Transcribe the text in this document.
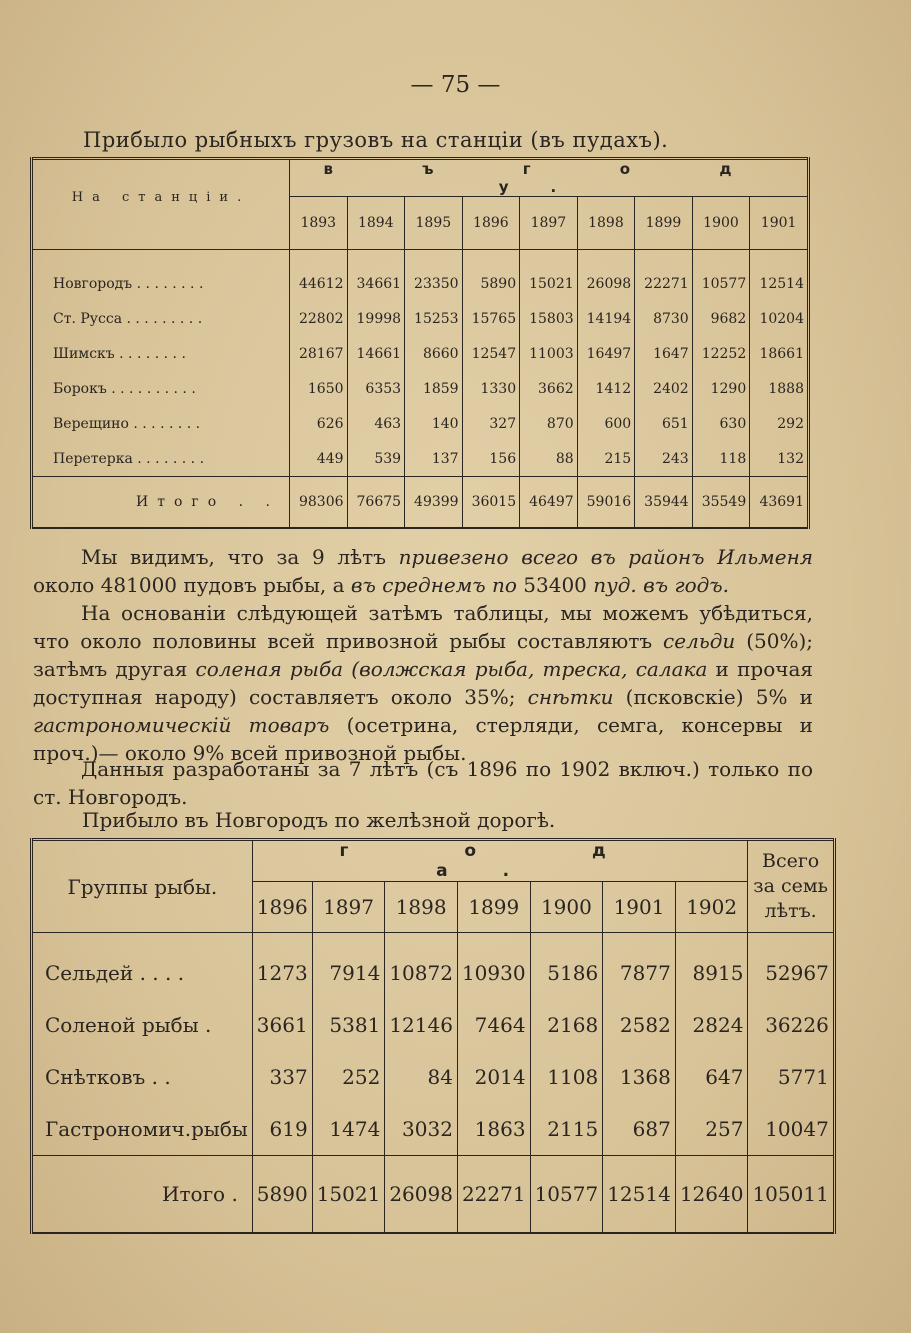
— 75 —
Прибыло рыбныхъ грузовъ на станціи (въ пудахъ).
На станціи.	в ъ г о д у.								
	1893	1894	1895	1896	1897	1898	1899	1900	1901

Новгородъ . . . . . . . .	44612	34661	23350	5890	15021	26098	22271	10577	12514
Ст. Русса . . . . . . . . .	22802	19998	15253	15765	15803	14194	8730	9682	10204
Шимскъ . . . . . . . .	28167	14661	8660	12547	11003	16497	1647	12252	18661
Борокъ . . . . . . . . . .	1650	6353	1859	1330	3662	1412	2402	1290	1888
Верещино . . . . . . . .	626	463	140	327	870	600	651	630	292
Перетерка . . . . . . . .	449	539	137	156	88	215	243	118	132
Итого . .	98306	76675	49399	36015	46497	59016	35944	35549	43691
Мы видимъ, что за 9 лѣтъ привезено всего въ районъ Ильменя около 481000 пудовъ рыбы, а въ среднемъ по 53400 пуд. въ годъ.
На основаніи слѣдующей затѣмъ таблицы, мы можемъ убѣдиться, что около половины всей привозной рыбы составляютъ сельди (50%); затѣмъ другая соленая рыба (волжская рыба, треска, салака и прочая доступная народу) составляетъ около 35%; снѣтки (псковскіе) 5% и гастрономическій товаръ (осетрина, стерляди, семга, консервы и проч.)— около 9% всей привозной рыбы.
Данныя разработаны за 7 лѣтъ (съ 1896 по 1902 включ.) только по ст. Новгородъ.
Прибыло въ Новгородъ по желѣзной дорогѣ.
Группы рыбы.	г о д а.							Всего за семь лѣтъ.
	1896	1897	1898	1899	1900	1901	1902	

Сельдей . . . .	1273	7914	10872	10930	5186	7877	8915	52967
Соленой рыбы .	3661	5381	12146	7464	2168	2582	2824	36226
Снѣтковъ . .	337	252	84	2014	1108	1368	647	5771
Гастрономич.рыбы	619	1474	3032	1863	2115	687	257	10047
Итого .	5890	15021	26098	22271	10577	12514	12640	105011
